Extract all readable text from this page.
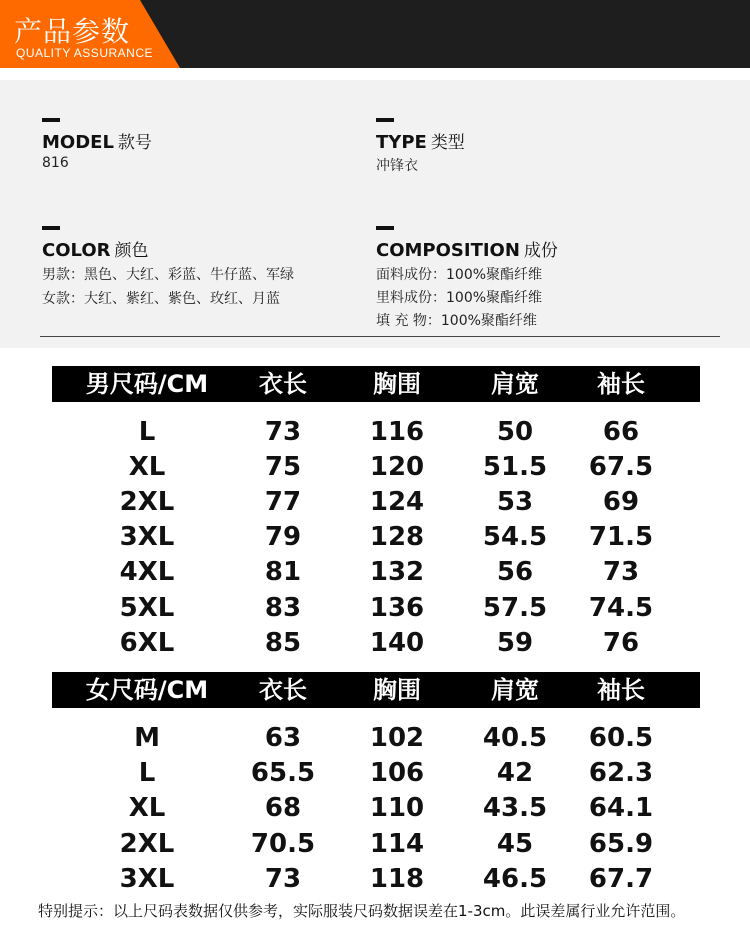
产品参数
QUALITY ASSURANCE
MODEL 款号
816
TYPE 类型
冲锋衣
COLOR 颜色
男款：黑色、大红、彩蓝、牛仔蓝、军绿
女款：大红、紫红、紫色、玫红、月蓝
COMPOSITION 成份
面料成份：100%聚酯纤维
里料成份：100%聚酯纤维
填 充 物：100%聚酯纤维
男尺码/CM	衣长	胸围	肩宽	袖长
L	73	116	50	66
XL	75	120	51.5	67.5
2XL	77	124	53	69
3XL	79	128	54.5	71.5
4XL	81	132	56	73
5XL	83	136	57.5	74.5
6XL	85	140	59	76
女尺码/CM	衣长	胸围	肩宽	袖长
M	63	102	40.5	60.5
L	65.5	106	42	62.3
XL	68	110	43.5	64.1
2XL	70.5	114	45	65.9
3XL	73	118	46.5	67.7
特别提示：以上尺码表数据仅供参考，实际服装尺码数据误差在1-3cm。此误差属行业允许范围。
